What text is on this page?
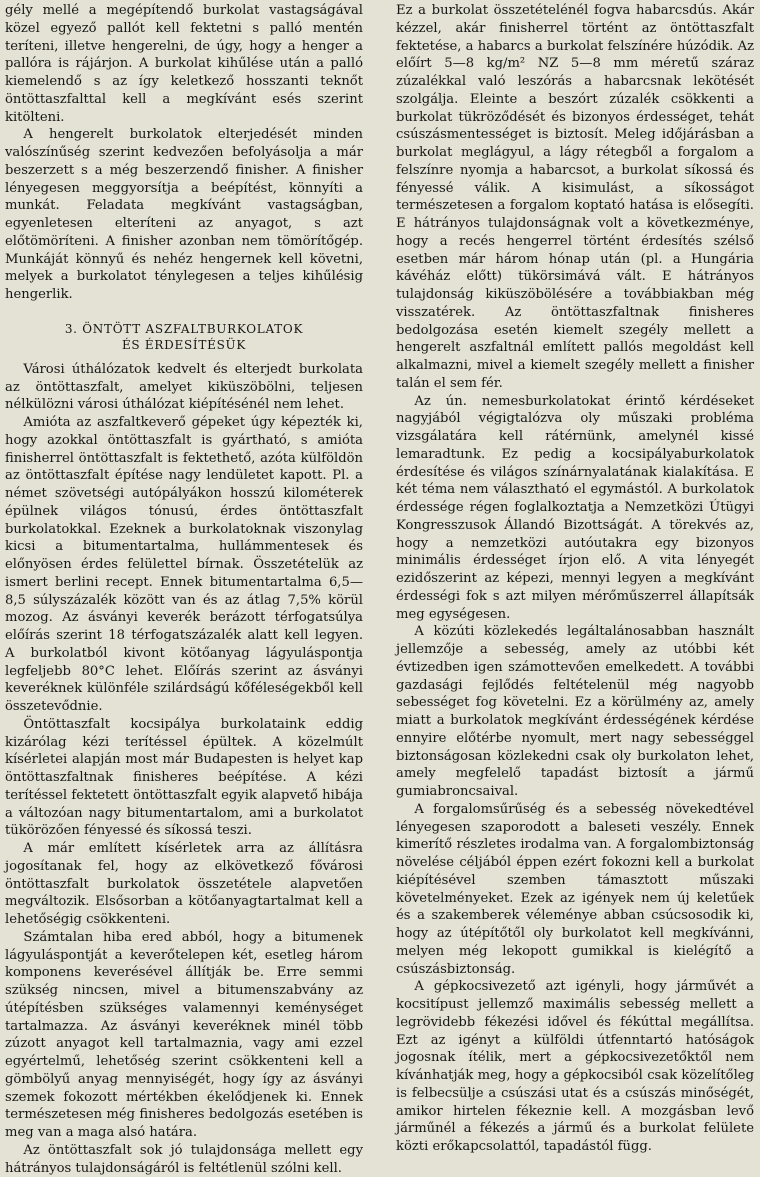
gély mellé a megépítendő burkolat vastagságával közel egyező pallót kell fektetni s palló mentén teríteni, illetve hengerelni, de úgy, hogy a henger a pallóra is rájárjon. A burkolat kihűlése után a palló kiemelendő s az így keletkező hosszanti teknőt öntöttaszfalttal kell a megkívánt esés szerint kitölteni.

A hengerelt burkolatok elterjedését minden valószínűség szerint kedvezően befolyásolja a már beszerzett s a még beszerzendő finisher. A finisher lényegesen meggyorsítja a beépítést, könnyíti a munkát. Feladata megkívánt vastagságban, egyenletesen elteríteni az anyagot, s azt előtömöríteni. A finisher azonban nem tömörítőgép. Munkáját könnyű és nehéz hengernek kell követni, melyek a burkolatot ténylegesen a teljes kihűlésig hengerlik.

3. ÖNTÖTT ASZFALTBURKOLATOK
ÉS ÉRDESÍTÉSÜK

Városi úthálózatok kedvelt és elterjedt burkolata az öntöttaszfalt, amelyet kiküszöbölni, teljesen nélkülözni városi úthálózat kiépítésénél nem lehet.

Amióta az aszfaltkeverő gépeket úgy képezték ki, hogy azokkal öntöttaszfalt is gyártható, s amióta finisherrel öntöttaszfalt is fektethető, azóta külföldön az öntöttaszfalt építése nagy lendületet kapott. Pl. a német szövetségi autópályákon hosszú kilométerek épülnek világos tónusú, érdes öntöttaszfalt burkolatokkal. Ezeknek a burkolatoknak viszonylag kicsi a bitumentartalma, hullámmentesek és előnyösen érdes felülettel bírnak. Összetételük az ismert berlini recept. Ennek bitumentartalma 6,5—8,5 súlyszázalék között van és az átlag 7,5% körül mozog. Az ásványi keverék berázott térfogatsúlya előírás szerint 18 térfogatszázalék alatt kell legyen. A burkolatból kivont kötőanyag lágyuláspontja legfeljebb 80°C lehet. Előírás szerint az ásványi keveréknek különféle szilárdságú kőféleségekből kell összetevődnie.

Öntöttaszfalt kocsipálya burkolataink eddig kizárólag kézi terítéssel épültek. A közelmúlt kísérletei alapján most már Budapesten is helyet kap öntöttaszfaltnak finisheres beépítése. A kézi terítéssel fektetett öntöttaszfalt egyik alapvető hibája a változóan nagy bitumentartalom, ami a burkolatot tükörözően fényessé és síkossá teszi.

A már említett kísérletek arra az állításra jogosítanak fel, hogy az elkövetkező fővárosi öntöttaszfalt burkolatok összetétele alapvetően megváltozik. Elsősorban a kötőanyagtartalmat kell a lehetőségig csökkenteni.

Számtalan hiba ered abból, hogy a bitumenek lágyuláspontját a keverőtelepen két, esetleg három komponens keverésével állítják be. Erre semmi szükség nincsen, mivel a bitumenszabvány az útépítésben szükséges valamennyi keménységet tartalmazza. Az ásványi keveréknek minél több zúzott anyagot kell tartalmaznia, vagy ami ezzel egyértelmű, lehetőség szerint csökkenteni kell a gömbölyű anyag mennyiségét, hogy így az ásványi szemek fokozott mértékben ékelődjenek ki. Ennek természetesen még finisheres bedolgozás esetében is meg van a maga alsó határa.

Az öntöttaszfalt sok jó tulajdonsága mellett egy hátrányos tulajdonságáról is feltétlenül szólni kell.

Ez a burkolat összetételénél fogva habarcsdús. Akár kézzel, akár finisherrel történt az öntöttaszfalt fektetése, a habarcs a burkolat felszínére húzódik. Az előírt 5—8 kg/m² NZ 5—8 mm méretű száraz zúzalékkal való leszórás a habarcsnak lekötését szolgálja. Eleinte a beszórt zúzalék csökkenti a burkolat tükröződését és bizonyos érdességet, tehát csúszásmentességet is biztosít. Meleg időjárásban a burkolat meglágyul, a lágy rétegből a forgalom a felszínre nyomja a habarcsot, a burkolat síkossá és fényessé válik. A kisimulást, a síkosságot természetesen a forgalom koptató hatása is elősegíti. E hátrányos tulajdonságnak volt a következménye, hogy a recés hengerrel történt érdesítés szélső esetben már három hónap után (pl. a Hungária kávéház előtt) tükörsimává vált. E hátrányos tulajdonság kiküszöbölésére a továbbiakban még visszatérek. Az öntöttaszfaltnak finisheres bedolgozása esetén kiemelt szegély mellett a hengerelt aszfaltnál említett pallós megoldást kell alkalmazni, mivel a kiemelt szegély mellett a finisher talán el sem fér.

Az ún. nemesburkolatokat érintő kérdéseket nagyjából végigtalózva oly műszaki probléma vizsgálatára kell rátérnünk, amelynél kissé lemaradtunk. Ez pedig a kocsipályaburkolatok érdesítése és világos színárnyalatának kialakítása. E két téma nem választható el egymástól. A burkolatok érdessége régen foglalkoztatja a Nemzetközi Útügyi Kongresszusok Állandó Bizottságát. A törekvés az, hogy a nemzetközi autóutakra egy bizonyos minimális érdességet írjon elő. A vita lényegét ezidőszerint az képezi, mennyi legyen a megkívánt érdességi fok s azt milyen mérőműszerrel állapítsák meg egységesen.

A közúti közlekedés legáltalánosabban használt jellemzője a sebesség, amely az utóbbi két évtizedben igen számottevően emelkedett. A további gazdasági fejlődés feltételenül még nagyobb sebességet fog követelni. Ez a körülmény az, amely miatt a burkolatok megkívánt érdességének kérdése ennyire előtérbe nyomult, mert nagy sebességgel biztonságosan közlekedni csak oly burkolaton lehet, amely megfelelő tapadást biztosít a jármű gumiabroncsaival.

A forgalomsűrűség és a sebesség növekedtével lényegesen szaporodott a baleseti veszély. Ennek kimerítő részletes irodalma van. A forgalombiztonság növelése céljából éppen ezért fokozni kell a burkolat kiépítésével szemben támasztott műszaki követelményeket. Ezek az igények nem új keletűek és a szakemberek véleménye abban csúcsosodik ki, hogy az útépítőtől oly burkolatot kell megkívánni, melyen még lekopott gumikkal is kielégítő a csúszásbiztonság.

A gépkocsivezető azt igényli, hogy járművét a kocsitípust jellemző maximális sebesség mellett a legrövidebb fékezési idővel és fékúttal megállítsa. Ezt az igényt a külföldi útfenntartó hatóságok jogosnak ítélik, mert a gépkocsivezetőktől nem kívánhatják meg, hogy a gépkocsiból csak közelítőleg is felbecsülje a csúszási utat és a csúszás minőségét, amikor hirtelen fékeznie kell. A mozgásban levő járműnél a fékezés a jármű és a burkolat felülete közti erőkapcsolattól, tapadástól függ.
